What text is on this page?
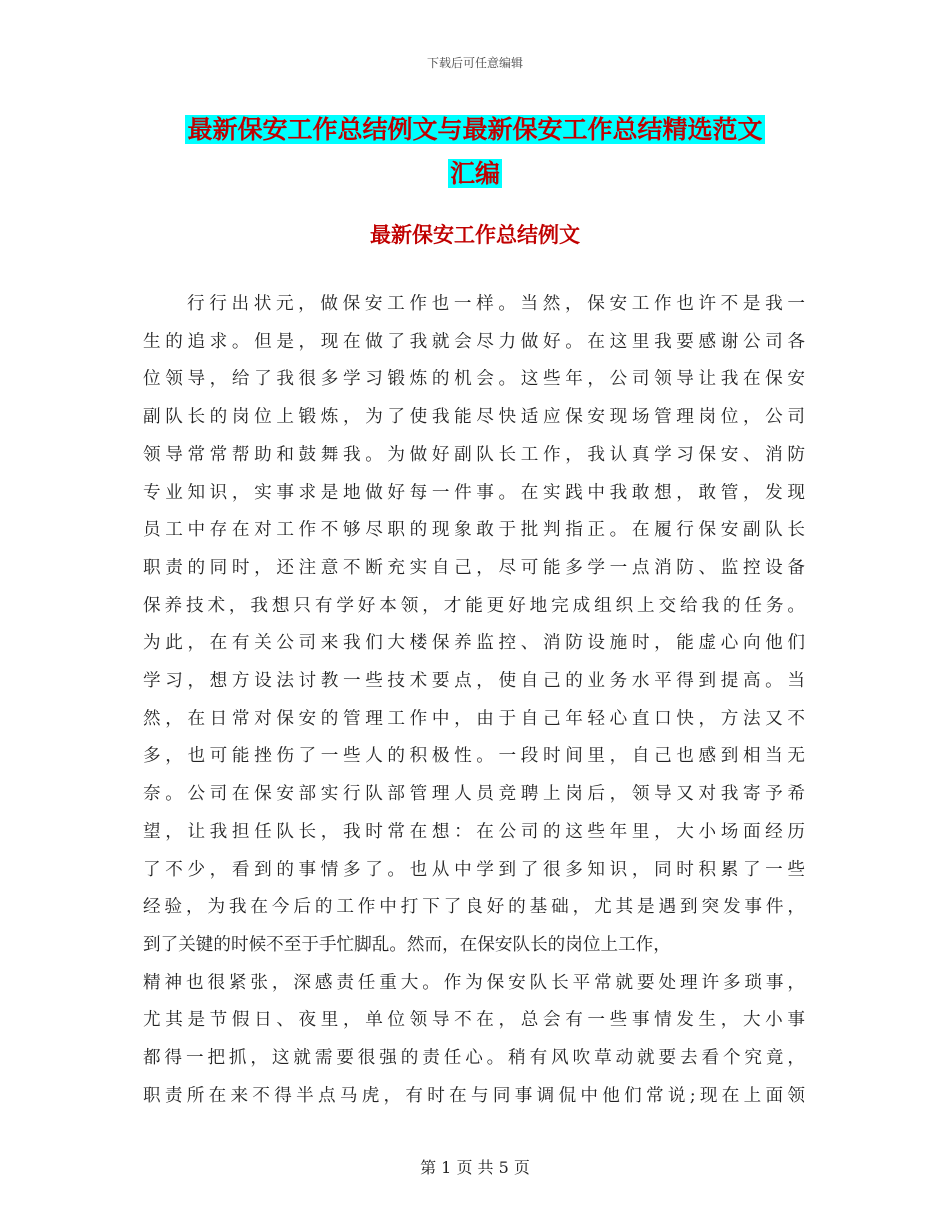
下载后可任意编辑
最新保安工作总结例文与最新保安工作总结精选范文
汇编
最新保安工作总结例文
行行出状元，做保安工作也一样。当然，保安工作也许不是我一
生的追求。但是，现在做了我就会尽力做好。在这里我要感谢公司各
位领导，给了我很多学习锻炼的机会。这些年，公司领导让我在保安
副队长的岗位上锻炼，为了使我能尽快适应保安现场管理岗位，公司
领导常常帮助和鼓舞我。为做好副队长工作，我认真学习保安、消防
专业知识，实事求是地做好每一件事。在实践中我敢想，敢管，发现
员工中存在对工作不够尽职的现象敢于批判指正。在履行保安副队长
职责的同时，还注意不断充实自己，尽可能多学一点消防、监控设备
保养技术，我想只有学好本领，才能更好地完成组织上交给我的任务。
为此，在有关公司来我们大楼保养监控、消防设施时，能虚心向他们
学习，想方设法讨教一些技术要点，使自己的业务水平得到提高。当
然，在日常对保安的管理工作中，由于自己年轻心直口快，方法又不
多，也可能挫伤了一些人的积极性。一段时间里，自己也感到相当无
奈。公司在保安部实行队部管理人员竞聘上岗后，领导又对我寄予希
望，让我担任队长，我时常在想：在公司的这些年里，大小场面经历
了不少，看到的事情多了。也从中学到了很多知识，同时积累了一些
经验，为我在今后的工作中打下了良好的基础，尤其是遇到突发事件，
到了关键的时候不至于手忙脚乱。然而，在保安队长的岗位上工作，
精神也很紧张，深感责任重大。作为保安队长平常就要处理许多琐事，
尤其是节假日、夜里，单位领导不在，总会有一些事情发生，大小事
都得一把抓，这就需要很强的责任心。稍有风吹草动就要去看个究竟，
职责所在来不得半点马虎，有时在与同事调侃中他们常说;现在上面领
第 1 页 共 5 页
